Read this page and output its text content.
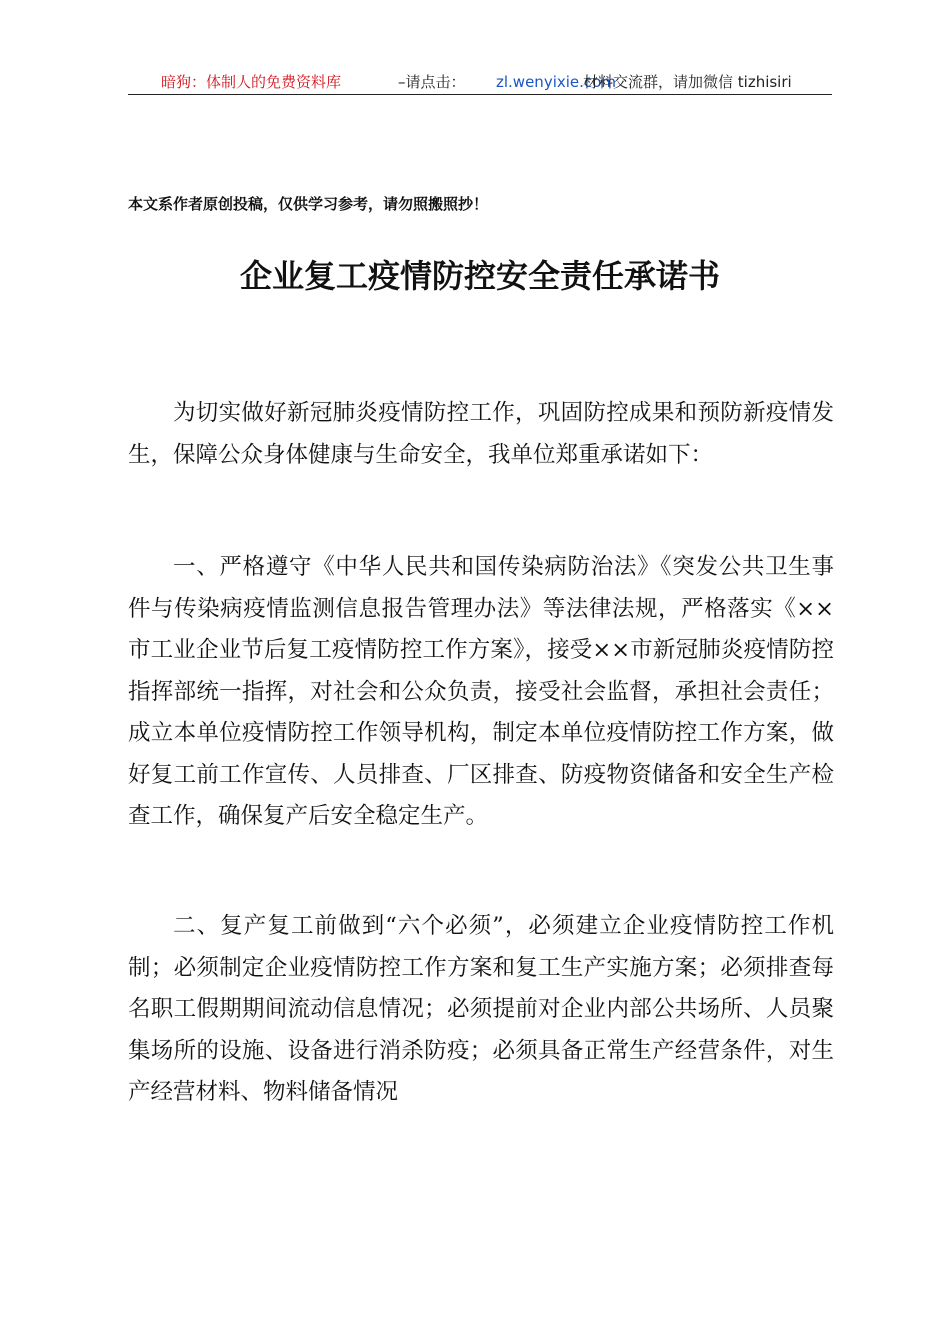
暗狗：体制人的免费资料库	–请点击： zl.wenyixie.com
材料交流群，请加微信 tizhisiri
本文系作者原创投稿，仅供学习参考，请勿照搬照抄！
企业复工疫情防控安全责任承诺书

为切实做好新冠肺炎疫情防控工作，巩固防控成果和预防新疫情发生，保障公众身体健康与生命安全，我单位郑重承诺如下：

一、严格遵守《中华人民共和国传染病防治法》《突发公共卫生事件与传染病疫情监测信息报告管理办法》等法律法规，严格落实《××市工业企业节后复工疫情防控工作方案》，接受××市新冠肺炎疫情防控指挥部统一指挥，对社会和公众负责，接受社会监督，承担社会责任；成立本单位疫情防控工作领导机构，制定本单位疫情防控工作方案，做好复工前工作宣传、人员排查、厂区排查、防疫物资储备和安全生产检查工作，确保复产后安全稳定生产。

二、复产复工前做到“六个必须”，必须建立企业疫情防控工作机制；必须制定企业疫情防控工作方案和复工生产实施方案；必须排查每名职工假期期间流动信息情况；必须提前对企业内部公共场所、人员聚集场所的设施、设备进行消杀防疫；必须具备正常生产经营条件，对生产经营材料、物料储备情况
